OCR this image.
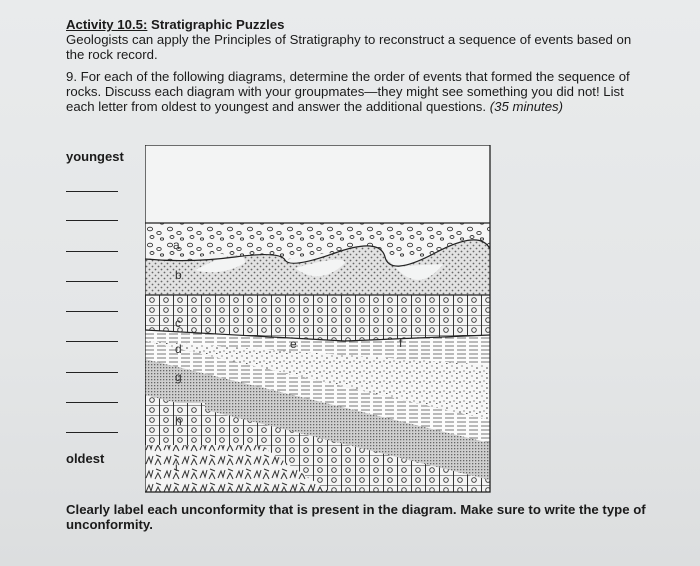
Activity 10.5: Stratigraphic Puzzles
Geologists can apply the Principles of Stratigraphy to reconstruct a sequence of events based on the rock record.
9. For each of the following diagrams, determine the order of events that formed the sequence of rocks. Discuss each diagram with your groupmates—they might see something you did not! List each letter from oldest to youngest and answer the additional questions. (35 minutes)
youngest
oldest
a
b
c
d	e	f
g
h
i
Clearly label each unconformity that is present in the diagram. Make sure to write the type of unconformity.
